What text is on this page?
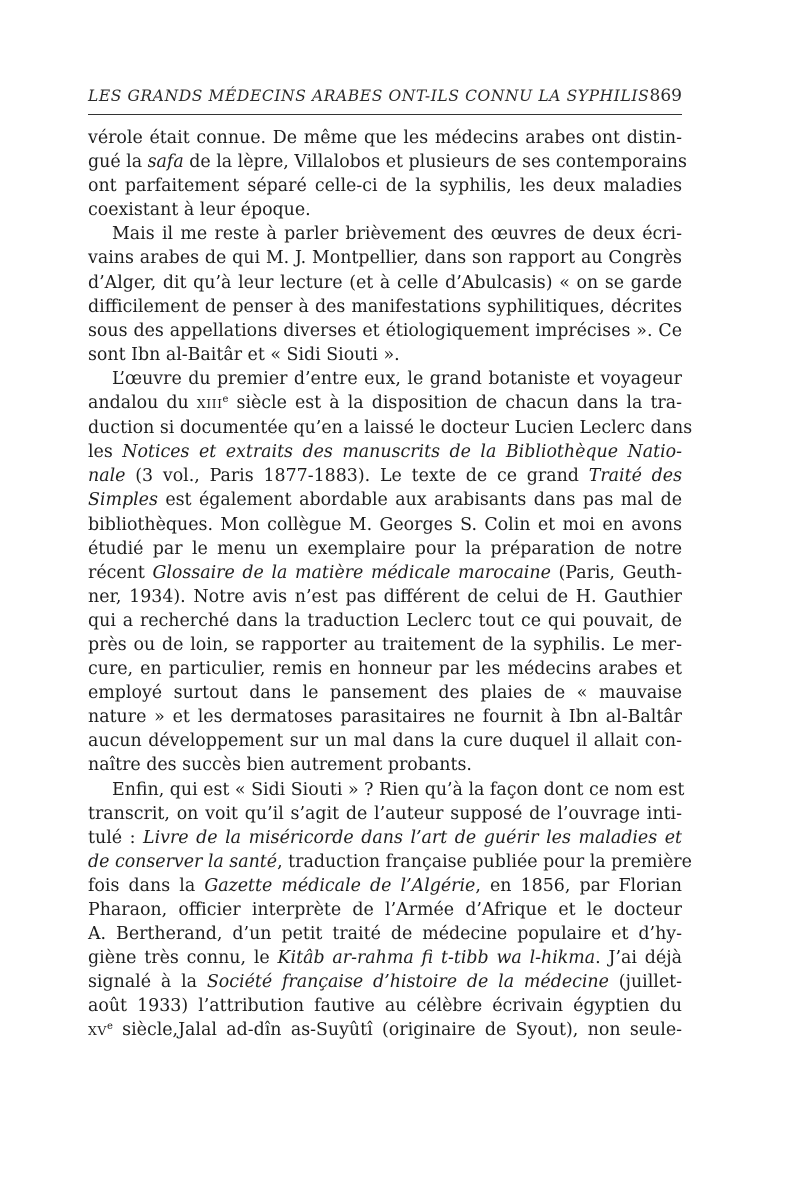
LES GRANDS MÉDECINS ARABES ONT-ILS CONNU LA SYPHILIS 869
vérole était connue. De même que les médecins arabes ont distin-
gué la safa de la lèpre, Villalobos et plusieurs de ses contemporains
ont parfaitement séparé celle-ci de la syphilis, les deux maladies
coexistant à leur époque.
Mais il me reste à parler brièvement des œuvres de deux écri-
vains arabes de qui M. J. Montpellier, dans son rapport au Congrès
d’Alger, dit qu’à leur lecture (et à celle d’Abulcasis) « on se garde
difficilement de penser à des manifestations syphilitiques, décrites
sous des appellations diverses et étiologiquement imprécises ». Ce
sont Ibn al-Baitâr et « Sidi Siouti ».
L’œuvre du premier d’entre eux, le grand botaniste et voyageur
andalou du XIIIe siècle est à la disposition de chacun dans la tra-
duction si documentée qu’en a laissé le docteur Lucien Leclerc dans
les Notices et extraits des manuscrits de la Bibliothèque Natio-
nale (3 vol., Paris 1877-1883). Le texte de ce grand Traité des
Simples est également abordable aux arabisants dans pas mal de
bibliothèques. Mon collègue M. Georges S. Colin et moi en avons
étudié par le menu un exemplaire pour la préparation de notre
récent Glossaire de la matière médicale marocaine (Paris, Geuth-
ner, 1934). Notre avis n’est pas différent de celui de H. Gauthier
qui a recherché dans la traduction Leclerc tout ce qui pouvait, de
près ou de loin, se rapporter au traitement de la syphilis. Le mer-
cure, en particulier, remis en honneur par les médecins arabes et
employé surtout dans le pansement des plaies de « mauvaise
nature » et les dermatoses parasitaires ne fournit à Ibn al-Baltâr
aucun développement sur un mal dans la cure duquel il allait con-
naître des succès bien autrement probants.
Enfin, qui est « Sidi Siouti » ? Rien qu’à la façon dont ce nom est
transcrit, on voit qu’il s’agit de l’auteur supposé de l’ouvrage inti-
tulé : Livre de la miséricorde dans l’art de guérir les maladies et
de conserver la santé, traduction française publiée pour la première
fois dans la Gazette médicale de l’Algérie, en 1856, par Florian
Pharaon, officier interprète de l’Armée d’Afrique et le docteur
A. Bertherand, d’un petit traité de médecine populaire et d’hy-
giène très connu, le Kitâb ar-rahma fi t-tibb wa l-hikma. J’ai déjà
signalé à la Société française d’histoire de la médecine (juillet-
août 1933) l’attribution fautive au célèbre écrivain égyptien du
XVe siècle,Jalal ad-dîn as-Suyûtî (originaire de Syout), non seule-
